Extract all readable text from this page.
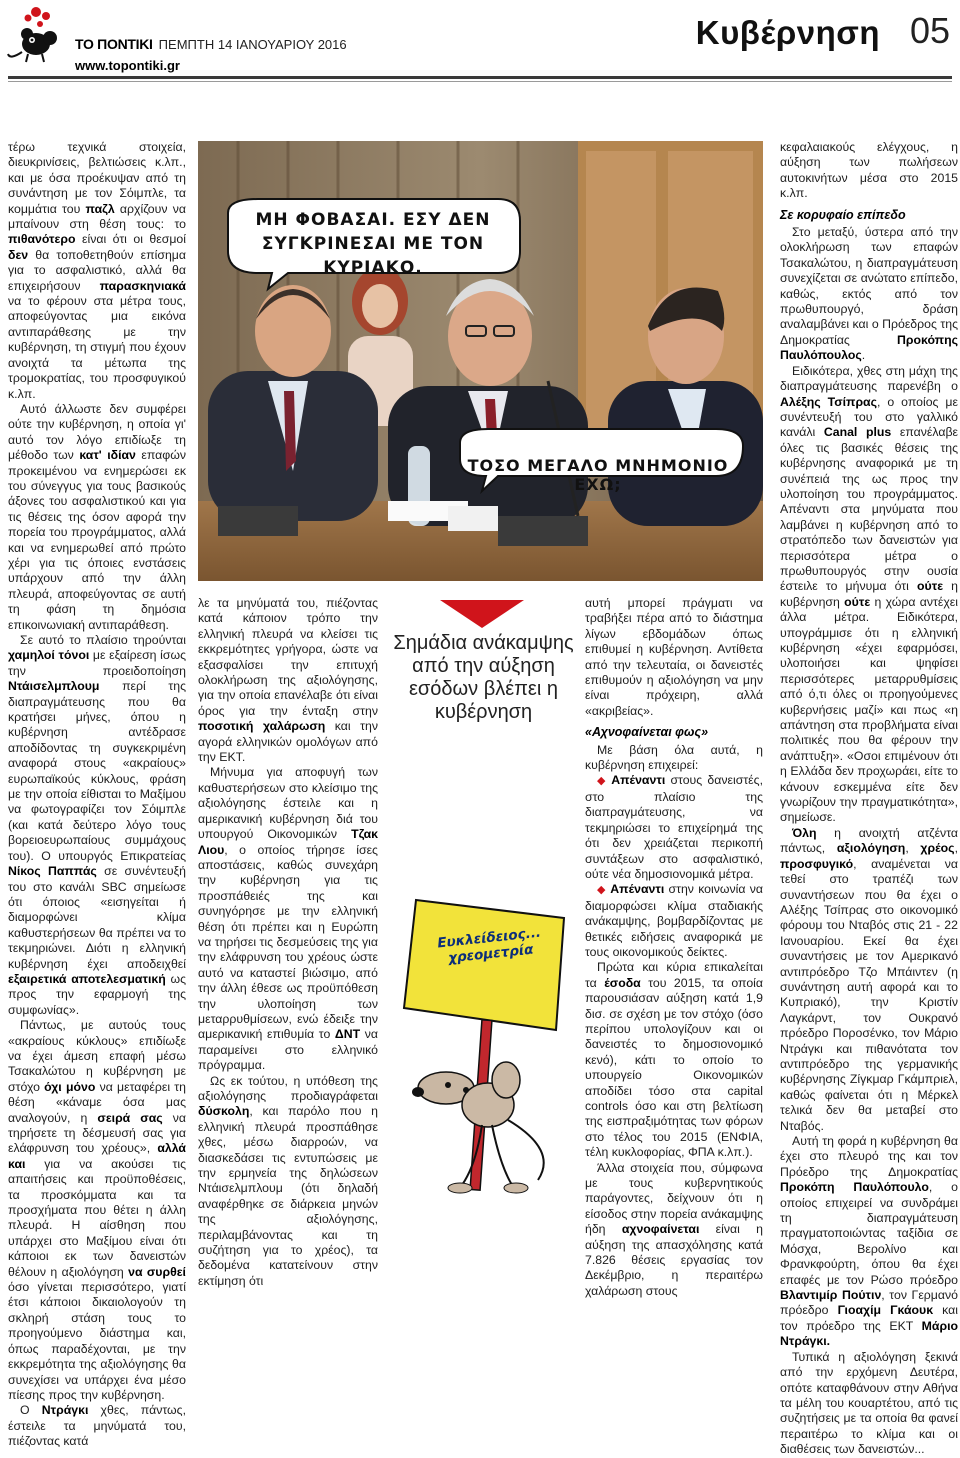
ΤΟ ΠΟΝΤΙΚΙ ΠΕΜΠΤΗ 14 ΙΑΝΟΥΑΡΙΟΥ 2016
www.topontiki.gr
Κυβέρνηση 05

τέρω τεχνικά στοιχεία, διευκρινίσεις, βελτιώσεις κ.λπ., και με όσα προέκυψαν από τη συνάντηση με τον Σόιμπλε, τα κομμάτια του παζλ αρχίζουν να μπαίνουν στη θέση τους: το πιθανότερο είναι ότι οι θεσμοί δεν θα τοποθετηθούν επίσημα για το ασφαλιστικό, αλλά θα επιχειρήσουν παρασκηνιακά να το φέρουν στα μέτρα τους, αποφεύγοντας μια εικόνα αντιπαράθεσης με την κυβέρνηση, τη στιγμή που έχουν ανοιχτά τα μέτωπα της τρομοκρατίας, του προσφυγικού κ.λπ.

Αυτό άλλωστε δεν συμφέρει ούτε την κυβέρνηση, η οποία γι' αυτό τον λόγο επιδίωξε τη μέθοδο των κατ' ιδίαν επαφών προκειμένου να ενημερώσει εκ του σύνεγγυς για τους βασικούς άξονες του ασφαλιστικού και για τις θέσεις της όσον αφορά την πορεία του προγράμματος, αλλά και να ενημερωθεί από πρώτο χέρι για τις όποιες ενστάσεις υπάρχουν από την άλλη πλευρά, αποφεύγοντας σε αυτή τη φάση τη δημόσια επικοινωνιακή αντιπαράθεση.

Σε αυτό το πλαίσιο τηρούνται χαμηλοί τόνοι με εξαίρεση ίσως την προειδοποίηση Ντάισελμπλουμ περί της διαπραγμάτευσης που θα κρατήσει μήνες, όπου η κυβέρνηση αντέδρασε αποδίδοντας τη συγκεκριμένη αναφορά στους «ακραίους» ευρωπαϊκούς κύκλους, φράση με την οποία είθισται το Μαξίμου να φωτογραφίζει τον Σόιμπλε (και κατά δεύτερο λόγο τους βορειοευρωπαίους συμμάχους του). Ο υπουργός Επικρατείας Νίκος Παππάς σε συνέντευξή του στο κανάλι SBC σημείωσε ότι όποιος «εισηγείται ή διαμορφώνει κλίμα καθυστερήσεων θα πρέπει να το τεκμηριώνει. Διότι η ελληνική κυβέρνηση έχει αποδειχθεί εξαιρετικά αποτελεσματική ως προς την εφαρμογή της συμφωνίας».

Πάντως, με αυτούς τους «ακραίους κύκλους» επιδίωξε να έχει άμεση επαφή μέσω Τσακαλώτου η κυβέρνηση με στόχο όχι μόνο να μεταφέρει τη θέση «κάναμε όσα μας αναλογούν, η σειρά σας να τηρήσετε τη δέσμευσή σας για ελάφρυνση του χρέους», αλλά και για να ακούσει τις απαιτήσεις και προϋποθέσεις, τα προσκόμματα και τα προσχήματα που θέτει η άλλη πλευρά. Η αίσθηση που υπάρχει στο Μαξίμου είναι ότι κάποιοι εκ των δανειστών θέλουν η αξιολόγηση να συρθεί όσο γίνεται περισσότερο, γιατί έτσι κάποιοι δικαιολογούν τη σκληρή στάση τους το προηγούμενο διάστημα και, όπως παραδέχονται, με την εκκρεμότητα της αξιολόγησης θα συνεχίσει να υπάρχει ένα μέσο πίεσης προς την κυβέρνηση.

Ο Ντράγκι χθες, πάντως, έστειλε τα μηνύματά του, πιέζοντας κατά

ΜΗ ΦΟΒΑΣΑΙ. ΕΣΥ ΔΕΝ ΣΥΓΚΡΙΝΕΣΑΙ ΜΕ ΤΟΝ ΚΥΡΙΑΚΟ.
ΤΟΣΟ ΜΕΓΑΛΟ ΜΝΗΜΟΝΙΟ ΕΧΩ;

λε τα μηνύματά του, πιέζοντας κατά κάποιον τρόπο την ελληνική πλευρά να κλείσει τις εκκρεμότητες γρήγορα, ώστε να εξασφαλίσει την επιτυχή ολοκλήρωση της αξιολόγησης, για την οποία επανέλαβε ότι είναι όρος για την ένταξη στην ποσοτική χαλάρωση και την αγορά ελληνικών ομολόγων από την ΕΚΤ.

Μήνυμα για αποφυγή των καθυστερήσεων στο κλείσιμο της αξιολόγησης έστειλε και η αμερικανική κυβέρνηση διά του υπουργού Οικονομικών Τζακ Λιου, ο οποίος τήρησε ίσες αποστάσεις, καθώς συνεχάρη την κυβέρνηση για τις προσπάθειές της και συνηγόρησε με την ελληνική θέση ότι πρέπει και η Ευρώπη να τηρήσει τις δεσμεύσεις της για την ελάφρυνση του χρέους ώστε αυτό να καταστεί βιώσιμο, από την άλλη έθεσε ως προϋπόθεση την υλοποίηση των μεταρρυθμίσεων, ενώ έδειξε την αμερικανική επιθυμία το ΔΝΤ να παραμείνει στο ελληνικό πρόγραμμα.

Ως εκ τούτου, η υπόθεση της αξιολόγησης προδιαγράφεται δύσκολη, και παρόλο που η ελληνική πλευρά προσπάθησε χθες, μέσω διαρροών, να διασκεδάσει τις εντυπώσεις με την ερμηνεία της δηλώσεων Ντάισελμπλουμ (ότι δηλαδή αναφέρθηκε σε διάρκεια μηνών της αξιολόγησης, περιλαμβάνοντας και τη συζήτηση για το χρέος), τα δεδομένα κατατείνουν στην εκτίμηση ότι

Σημάδια ανάκαμψης από την αύξηση εσόδων βλέπει η κυβέρνηση
Ευκλείδειος... χρεομετρία

αυτή μπορεί πράγματι να τραβήξει πέρα από το διάστημα λίγων εβδομάδων όπως επιθυμεί η κυβέρνηση. Αντίθετα από την τελευταία, οι δανειστές επιθυμούν η αξιολόγηση να μην είναι πρόχειρη, αλλά «ακριβείας».

«Αχνοφαίνεται φως»

Με βάση όλα αυτά, η κυβέρνηση επιχειρεί:

◆ Απέναντι στους δανειστές, στο πλαίσιο της διαπραγμάτευσης, να τεκμηριώσει το επιχείρημά της ότι δεν χρειάζεται περικοπή συντάξεων στο ασφαλιστικό, ούτε νέα δημοσιονομικά μέτρα.

◆ Απέναντι στην κοινωνία να διαμορφώσει κλίμα σταδιακής ανάκαμψης, βομβαρδίζοντας με θετικές ειδήσεις αναφορικά με τους οικονομικούς δείκτες.

Πρώτα και κύρια επικαλείται τα έσοδα του 2015, τα οποία παρουσιάσαν αύξηση κατά 1,9 δισ. σε σχέση με τον στόχο (όσο περίπου υπολογίζουν και οι δανειστές το δημοσιονομικό κενό), κάτι το οποίο το υπουργείο Οικονομικών αποδίδει τόσο στα capital controls όσο και στη βελτίωση της εισπραξιμότητας των φόρων στο τέλος του 2015 (ΕΝΦΙΑ, τέλη κυκλοφορίας, ΦΠΑ κ.λπ.).

Άλλα στοιχεία που, σύμφωνα με τους κυβερνητικούς παράγοντες, δείχνουν ότι η είσοδος στην πορεία ανάκαμψης ήδη αχνοφαίνεται είναι η αύξηση της απασχόλησης κατά 7.826 θέσεις εργασίας τον Δεκέμβριο, η περαιτέρω χαλάρωση στους

κεφαλαιακούς ελέγχους, η αύξηση των πωλήσεων αυτοκινήτων μέσα στο 2015 κ.λπ.

Σε κορυφαίο επίπεδο

Στο μεταξύ, ύστερα από την ολοκλήρωση των επαφών Τσακαλώτου, η διαπραγμάτευση συνεχίζεται σε ανώτατο επίπεδο, καθώς, εκτός από τον πρωθυπουργό, δράση αναλαμβάνει και ο Πρόεδρος της Δημοκρατίας Προκόπης Παυλόπουλος.

Ειδικότερα, χθες στη μάχη της διαπραγμάτευσης παρενέβη ο Αλέξης Τσίπρας, ο οποίος με συνέντευξή του στο γαλλικό κανάλι Canal plus επανέλαβε όλες τις βασικές θέσεις της κυβέρνησης αναφορικά με τη συνέπειά της ως προς την υλοποίηση του προγράμματος. Απέναντι στα μηνύματα που λαμβάνει η κυβέρνηση από το στρατόπεδο των δανειστών για περισσότερα μέτρα ο πρωθυπουργός στην ουσία έστειλε το μήνυμα ότι ούτε η κυβέρνηση ούτε η χώρα αντέχει άλλα μέτρα. Ειδικότερα, υπογράμμισε ότι η ελληνική κυβέρνηση «έχει εφαρμόσει, υλοποιήσει και ψηφίσει περισσότερες μεταρρυθμίσεις από ό,τι όλες οι προηγούμενες κυβερνήσεις μαζί» και πως «η απάντηση στα προβλήματα είναι πολιτικές που θα φέρουν την ανάπτυξη». «Οσοι επιμένουν ότι η Ελλάδα δεν προχωράει, είτε το κάνουν εσκεμμένα είτε δεν γνωρίζουν την πραγματικότητα», σημείωσε.

Όλη η ανοιχτή ατζέντα πάντως, αξιολόγηση, χρέος, προσφυγικό, αναμένεται να τεθεί στο τραπέζι των συναντήσεων που θα έχει ο Αλέξης Τσίπρας στο οικονομικό φόρουμ του Νταβός στις 21 - 22 Ιανουαρίου. Εκεί θα έχει συναντήσεις με τον Αμερικανό αντιπρόεδρο Τζο Μπάιντεν (η συνάντηση αυτή αφορά και το Κυπριακό), την Κριστίν Λαγκάρντ, τον Ουκρανό πρόεδρο Ποροσένκο, τον Μάριο Ντράγκι και πιθανότατα τον αντιπρόεδρο της γερμανικής κυβέρνησης Ζίγκμαρ Γκάμπριελ, καθώς φαίνεται ότι η Μέρκελ τελικά δεν θα μεταβεί στο Νταβός.

Αυτή τη φορά η κυβέρνηση θα έχει στο πλευρό της και τον Πρόεδρο της Δημοκρατίας Προκόπη Παυλόπουλο, ο οποίος επιχειρεί να συνδράμει τη διαπραγμάτευση πραγματοποιώντας ταξίδια σε Μόσχα, Βερολίνο και Φρανκφούρτη, όπου θα έχει επαφές με τον Ρώσο πρόεδρο Βλαντιμίρ Πούτιν, τον Γερμανό πρόεδρο Γιοαχίμ Γκάουκ και τον πρόεδρο της ΕΚΤ Μάριο Ντράγκι.

Τυπικά η αξιολόγηση ξεκινά από την ερχόμενη Δευτέρα, οπότε καταφθάνουν στην Αθήνα τα μέλη του κουαρτέτου, από τις συζητήσεις με τα οποία θα φανεί περαιτέρω το κλίμα και οι διαθέσεις των δανειστών...
